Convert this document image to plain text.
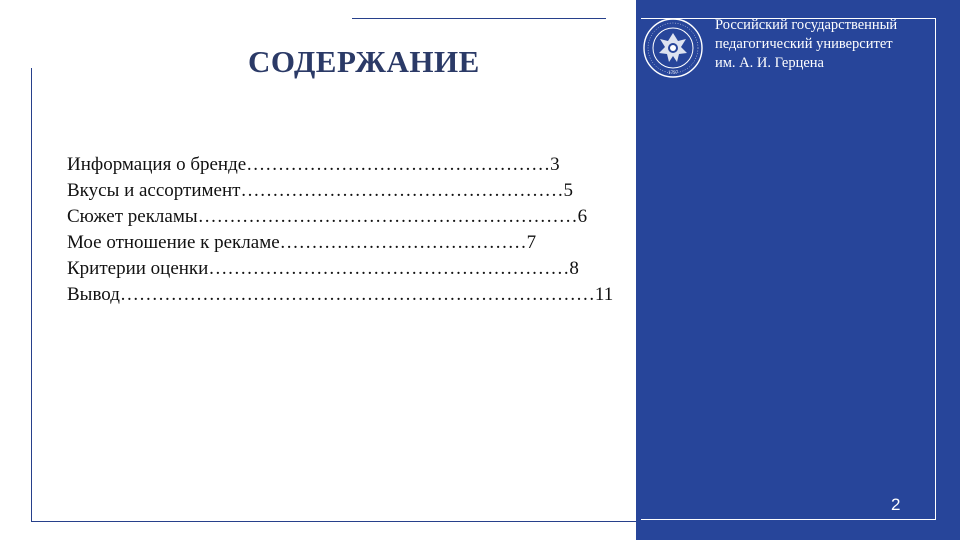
СОДЕРЖАНИЕ
Информация о бренде…………………………………………3
Вкусы и ассортимент……………………………………………5
Сюжет рекламы……………………………………………………6
Мое отношение к рекламе…………………………………7
Критерии оценки…………………………………………………8
Вывод…………………………………………………………………11
1797
Российский государственный
педагогический университет
им. А. И. Герцена
2
